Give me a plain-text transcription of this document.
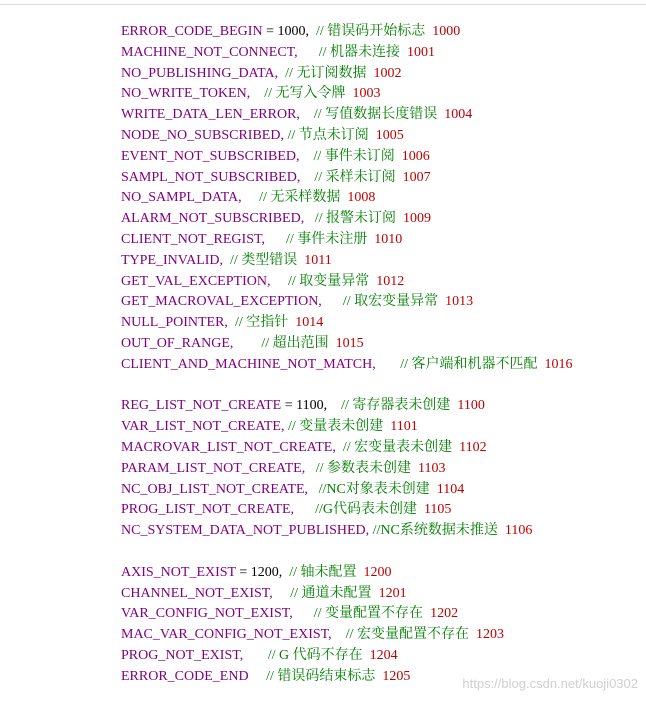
ERROR_CODE_BEGIN = 1000, // 错误码开始标志 1000
MACHINE_NOT_CONNECT, // 机器未连接 1001
NO_PUBLISHING_DATA, // 无订阅数据 1002
NO_WRITE_TOKEN, // 无写入令牌 1003
WRITE_DATA_LEN_ERROR, // 写值数据长度错误 1004
NODE_NO_SUBSCRIBED, // 节点未订阅 1005
EVENT_NOT_SUBSCRIBED, // 事件未订阅 1006
SAMPL_NOT_SUBSCRIBED, // 采样未订阅 1007
NO_SAMPL_DATA, // 无采样数据 1008
ALARM_NOT_SUBSCRIBED, // 报警未订阅 1009
CLIENT_NOT_REGIST, // 事件未注册 1010
TYPE_INVALID, // 类型错误 1011
GET_VAL_EXCEPTION, // 取变量异常 1012
GET_MACROVAL_EXCEPTION, // 取宏变量异常 1013
NULL_POINTER, // 空指针 1014
OUT_OF_RANGE, // 超出范围 1015
CLIENT_AND_MACHINE_NOT_MATCH, // 客户端和机器不匹配 1016
REG_LIST_NOT_CREATE = 1100, // 寄存器表未创建 1100
VAR_LIST_NOT_CREATE, // 变量表未创建 1101
MACROVAR_LIST_NOT_CREATE, // 宏变量表未创建 1102
PARAM_LIST_NOT_CREATE, // 参数表未创建 1103
NC_OBJ_LIST_NOT_CREATE, //NC对象表未创建 1104
PROG_LIST_NOT_CREATE, //G代码表未创建 1105
NC_SYSTEM_DATA_NOT_PUBLISHED, //NC系统数据未推送 1106
AXIS_NOT_EXIST = 1200, // 轴未配置 1200
CHANNEL_NOT_EXIST, // 通道未配置 1201
VAR_CONFIG_NOT_EXIST, // 变量配置不存在 1202
MAC_VAR_CONFIG_NOT_EXIST, // 宏变量配置不存在 1203
PROG_NOT_EXIST, // G 代码不存在 1204
ERROR_CODE_END // 错误码结束标志 1205	https://blog.csdn.net/kuoji0302
